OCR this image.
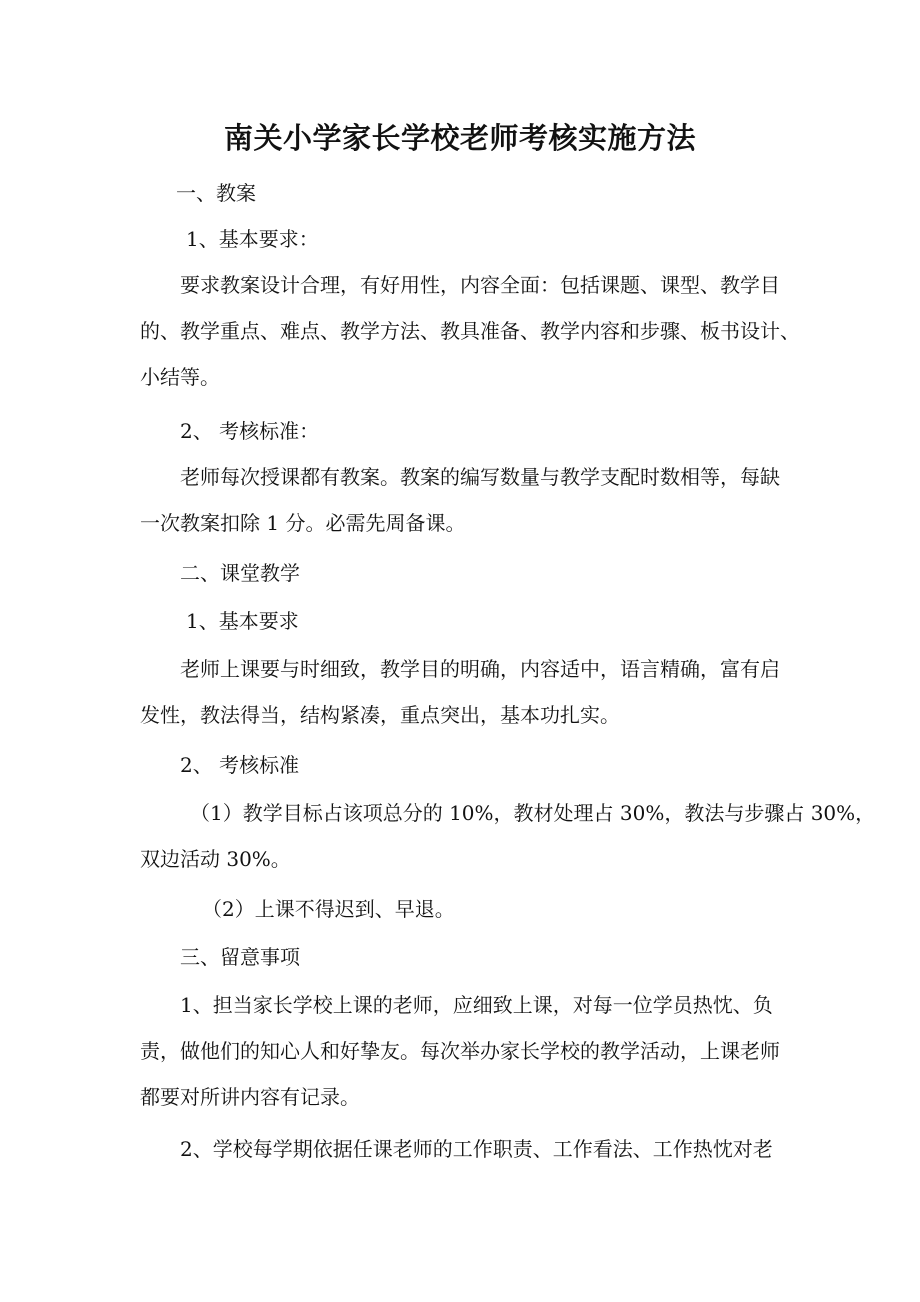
南关小学家长学校老师考核实施方法
一、教案
1、基本要求：
要求教案设计合理，有好用性，内容全面：包括课题、课型、教学目
的、教学重点、难点、教学方法、教具准备、教学内容和步骤、板书设计、
小结等。
2、 考核标准：
老师每次授课都有教案。教案的编写数量与教学支配时数相等，每缺
一次教案扣除 1 分。必需先周备课。
二、课堂教学
1、基本要求
老师上课要与时细致，教学目的明确，内容适中，语言精确，富有启
发性，教法得当，结构紧凑，重点突出，基本功扎实。
2、 考核标准
（1）教学目标占该项总分的 10%，教材处理占 30%，教法与步骤占 30%，
双边活动 30%。
（2）上课不得迟到、早退。
三、留意事项
1、担当家长学校上课的老师，应细致上课，对每一位学员热忱、负
责，做他们的知心人和好挚友。每次举办家长学校的教学活动，上课老师
都要对所讲内容有记录。
2、学校每学期依据任课老师的工作职责、工作看法、工作热忱对老
